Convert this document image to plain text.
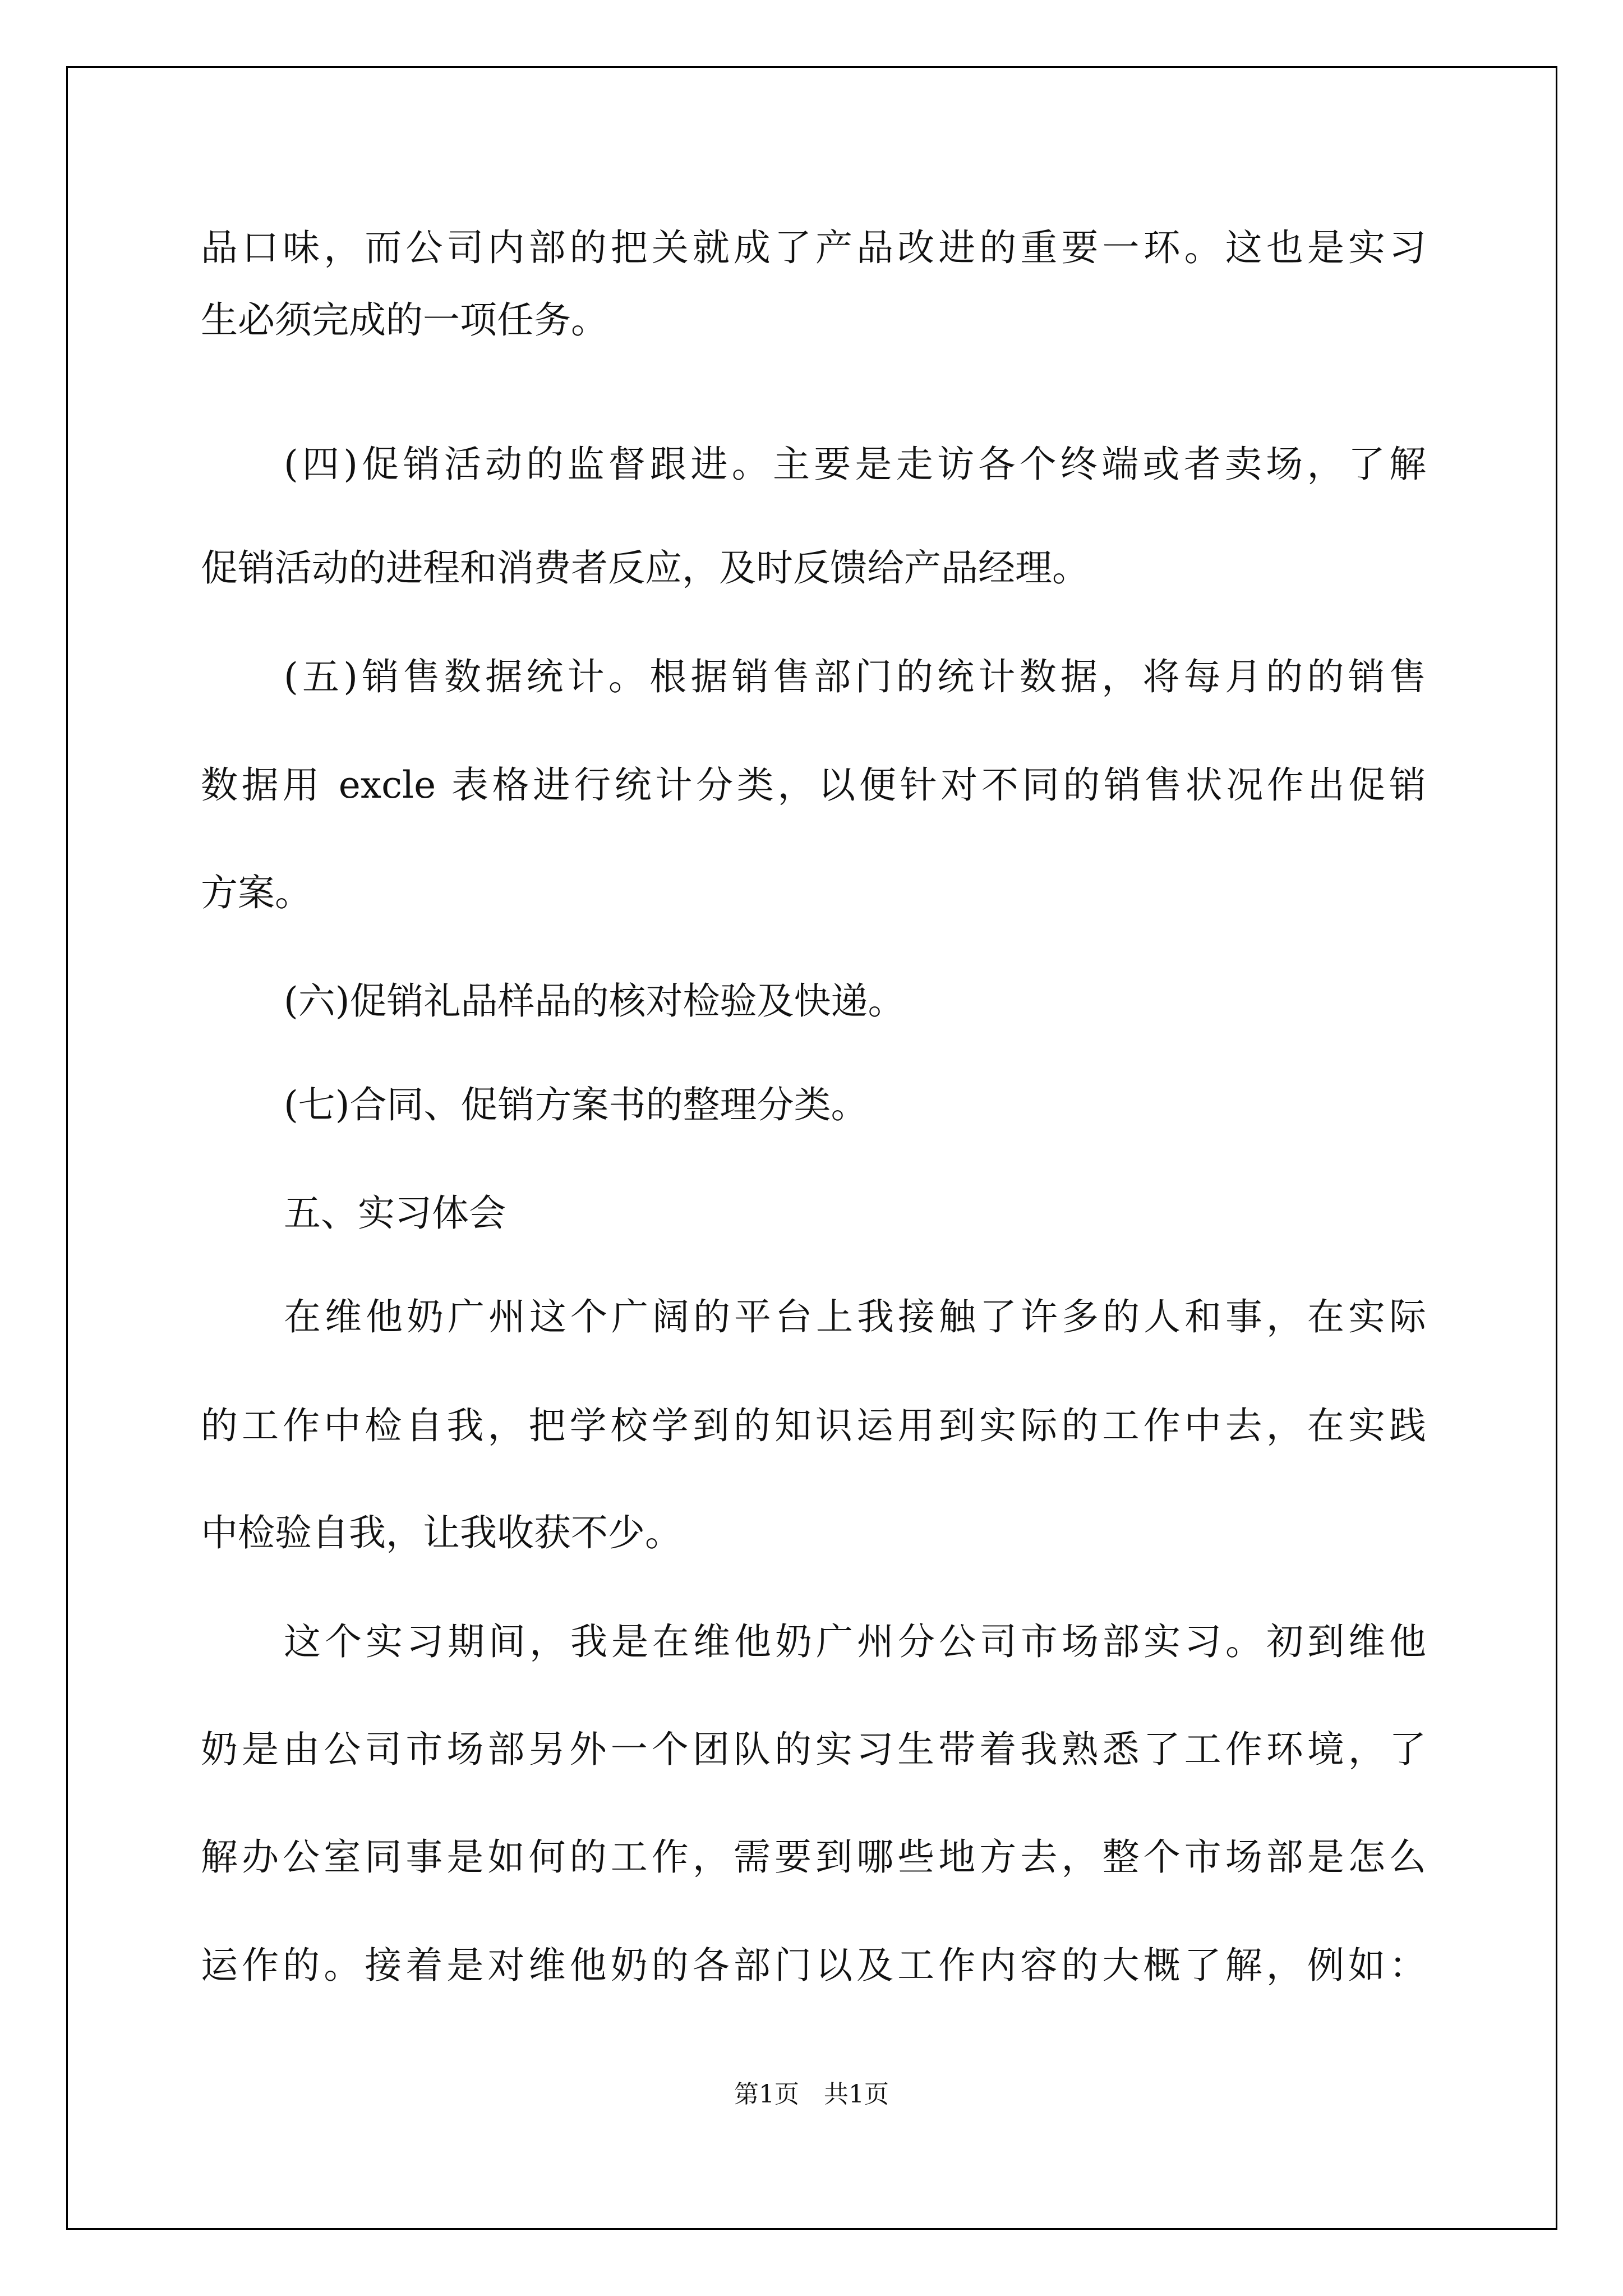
品口味，而公司内部的把关就成了产品改进的重要一环。这也是实习
生必须完成的一项任务。
(四)促销活动的监督跟进。主要是走访各个终端或者卖场，了解
促销活动的进程和消费者反应，及时反馈给产品经理。
(五)销售数据统计。根据销售部门的统计数据，将每月的的销售
数据用 excle 表格进行统计分类，以便针对不同的销售状况作出促销
方案。
(六)促销礼品样品的核对检验及快递。
(七)合同、促销方案书的整理分类。
五、实习体会
在维他奶广州这个广阔的平台上我接触了许多的人和事，在实际
的工作中检自我，把学校学到的知识运用到实际的工作中去，在实践
中检验自我，让我收获不少。
这个实习期间，我是在维他奶广州分公司市场部实习。初到维他
奶是由公司市场部另外一个团队的实习生带着我熟悉了工作环境，了
解办公室同事是如何的工作，需要到哪些地方去，整个市场部是怎么
运作的。接着是对维他奶的各部门以及工作内容的大概了解，例如：
第1页　共1页
